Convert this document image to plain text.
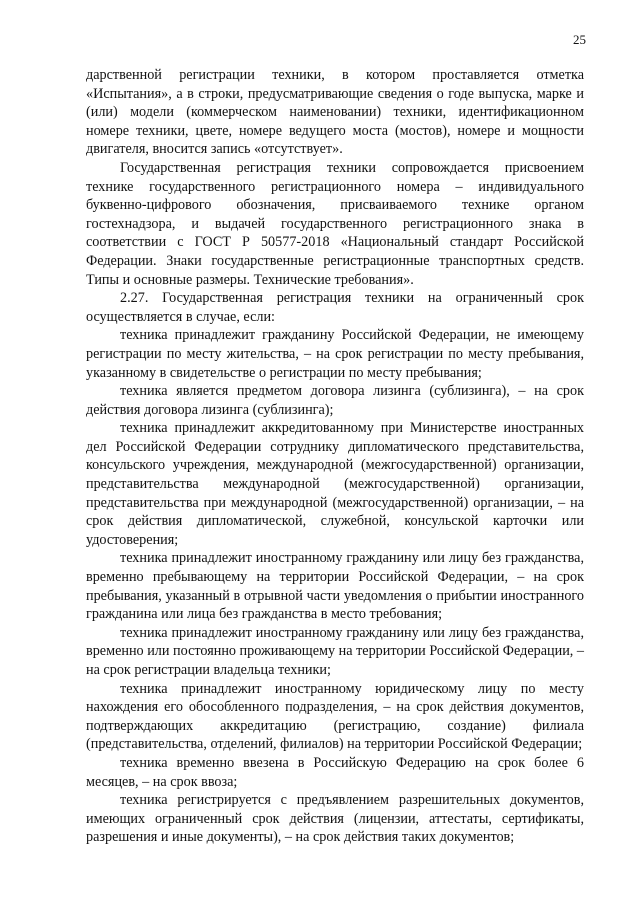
25

дарственной регистрации техники, в котором проставляется отметка «Испытания», а в строки, предусматривающие сведения о годе выпуска, марке и (или) модели (коммерческом наименовании) техники, идентификационном номере техники, цвете, номере ведущего моста (мостов), номере и мощности двигателя, вносится запись «отсутствует».

Государственная регистрация техники сопровождается присвоением технике государственного регистрационного номера – индивидуального буквенно-цифрового обозначения, присваиваемого технике органом гостехнадзора, и выдачей государственного регистрационного знака в соответствии с ГОСТ Р 50577-2018 «Национальный стандарт Российской Федерации. Знаки государственные регистрационные транспортных средств. Типы и основные размеры. Технические требования».

2.27. Государственная регистрация техники на ограниченный срок осуществляется в случае, если:

техника принадлежит гражданину Российской Федерации, не имеющему регистрации по месту жительства, – на срок регистрации по месту пребывания, указанному в свидетельстве о регистрации по месту пребывания;

техника является предметом договора лизинга (сублизинга), – на срок действия договора лизинга (сублизинга);

техника принадлежит аккредитованному при Министерстве иностранных дел Российской Федерации сотруднику дипломатического представительства, консульского учреждения, международной (межгосударственной) организации, представительства международной (межгосударственной) организации, представительства при международной (межгосударственной) организации, – на срок действия дипломатической, служебной, консульской карточки или удостоверения;

техника принадлежит иностранному гражданину или лицу без гражданства, временно пребывающему на территории Российской Федерации, – на срок пребывания, указанный в отрывной части уведомления о прибытии иностранного гражданина или лица без гражданства в место требования;

техника принадлежит иностранному гражданину или лицу без гражданства, временно или постоянно проживающему на территории Российской Федерации, – на срок регистрации владельца техники;

техника принадлежит иностранному юридическому лицу по месту нахождения его обособленного подразделения, – на срок действия документов, подтверждающих аккредитацию (регистрацию, создание) филиала (представительства, отделений, филиалов) на территории Российской Федерации;

техника временно ввезена в Российскую Федерацию на срок более 6 месяцев, – на срок ввоза;

техника регистрируется с предъявлением разрешительных документов, имеющих ограниченный срок действия (лицензии, аттестаты, сертификаты, разрешения и иные документы), – на срок действия таких документов;
